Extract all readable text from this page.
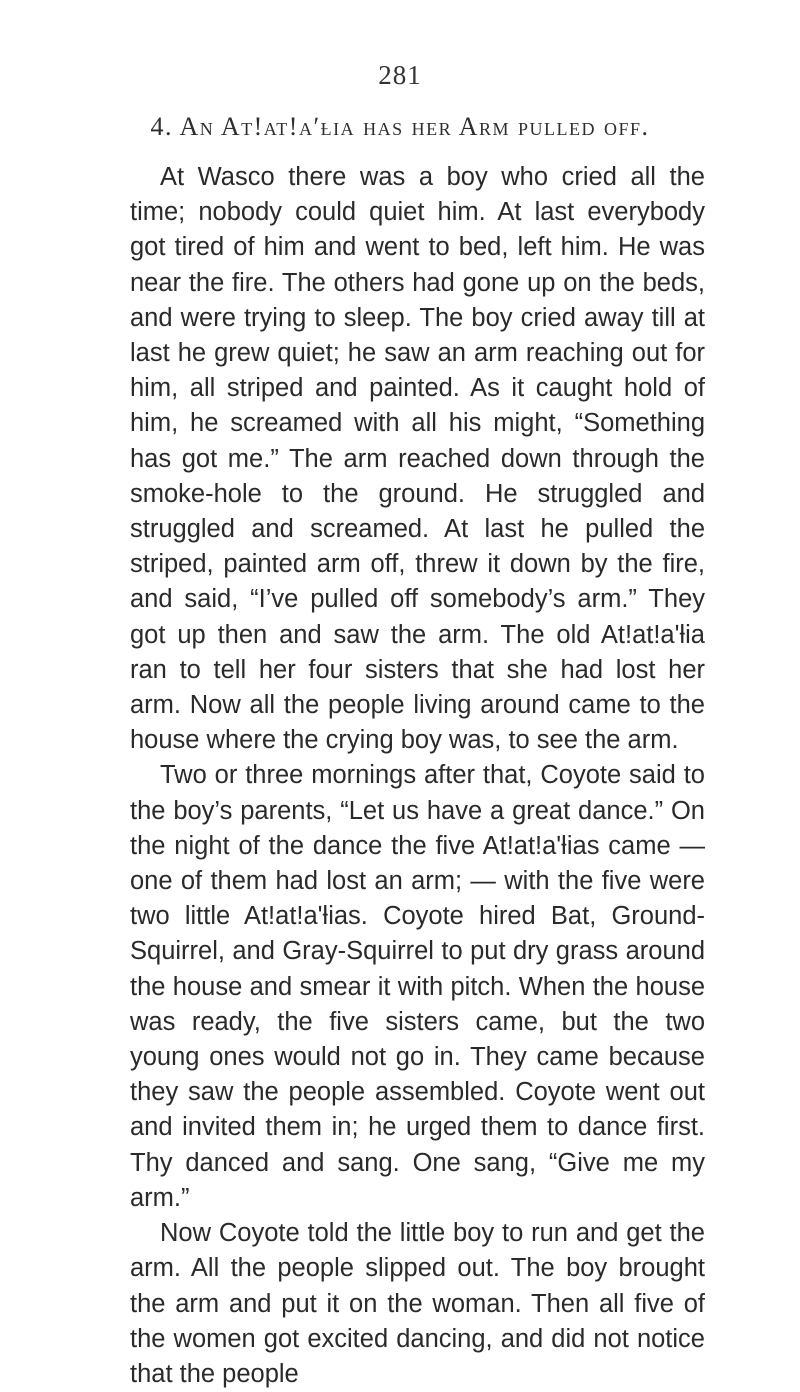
281
4. An At!at!aʹƚia has her Arm pulled off.

At Wasco there was a boy who cried all the time; nobody could quiet him. At last everybody got tired of him and went to bed, left him. He was near the fire. The others had gone up on the beds, and were trying to sleep. The boy cried away till at last he grew quiet; he saw an arm reaching out for him, all striped and painted. As it caught hold of him, he screamed with all his might, “Something has got me.” The arm reached down through the smoke-hole to the ground. He struggled and struggled and screamed. At last he pulled the striped, painted arm off, threw it down by the fire, and said, “I’ve pulled off somebody’s arm.” They got up then and saw the arm. The old At!at!aʹƚia ran to tell her four sisters that she had lost her arm. Now all the people living around came to the house where the crying boy was, to see the arm.

Two or three mornings after that, Coyote said to the boy’s parents, “Let us have a great dance.” On the night of the dance the five At!at!aʹƚias came — one of them had lost an arm; — with the five were two little At!at!aʹƚias. Coyote hired Bat, Ground-Squirrel, and Gray-Squirrel to put dry grass around the house and smear it with pitch. When the house was ready, the five sisters came, but the two young ones would not go in. They came because they saw the people assembled. Coyote went out and invited them in; he urged them to dance first. Thy danced and sang. One sang, “Give me my arm.”

Now Coyote told the little boy to run and get the arm. All the people slipped out. The boy brought the arm and put it on the woman. Then all five of the women got excited dancing, and did not notice that the people
